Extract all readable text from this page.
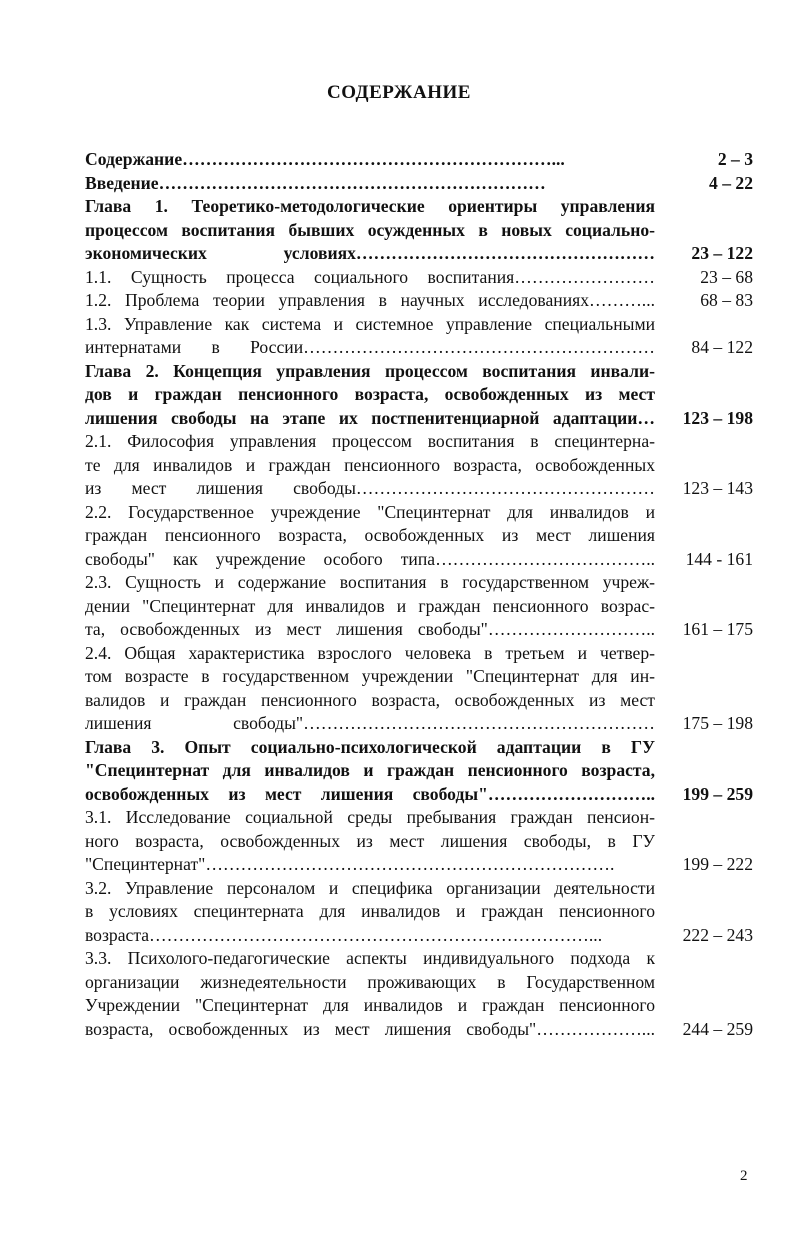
СОДЕРЖАНИЕ
Содержание………………………………………………………...	2 – 3
Введение…………………………………………………………	4 – 22
Глава 1. Теоретико-методологические ориентиры управления
процессом воспитания бывших осужденных в новых социально-
экономических условиях……………………………………………	23 – 122
1.1. Сущность процесса социального воспитания……………………	23 – 68
1.2. Проблема теории управления в научных исследованиях………...	68 – 83
1.3. Управление как система и системное управление специальными
интернатами в России……………………………………………………	84 – 122
Глава 2. Концепция управления процессом воспитания инвали-
дов и граждан пенсионного возраста, освобожденных из мест
лишения свободы на этапе их постпенитенциарной адаптации…	123 – 198
2.1. Философия управления процессом воспитания в специнтерна-
те для инвалидов и граждан пенсионного возраста, освобожденных
из мест лишения свободы……………………………………………	123 – 143
2.2. Государственное учреждение "Специнтернат для инвалидов и
граждан пенсионного возраста, освобожденных из мест лишения
свободы" как учреждение особого типа………………………………..	144 - 161
2.3. Сущность и содержание воспитания в государственном учреж-
дении "Специнтернат для инвалидов и граждан пенсионного возрас-
та, освобожденных из мест лишения свободы"………………………..	161 – 175
2.4. Общая характеристика взрослого человека в третьем и четвер-
том возрасте в государственном учреждении "Специнтернат для ин-
валидов и граждан пенсионного возраста, освобожденных из мест
лишения свободы"……………………………………………………	175 – 198
Глава 3. Опыт социально-психологической адаптации в ГУ
"Специнтернат для инвалидов и граждан пенсионного возраста,
освобожденных из мест лишения свободы"………………………..	199 – 259
3.1. Исследование социальной среды пребывания граждан пенсион-
ного возраста, освобожденных из мест лишения свободы, в ГУ
"Специнтернат"…………………………………………………………….	199 – 222
3.2. Управление персоналом и специфика организации деятельности
в условиях специнтерната для инвалидов и граждан пенсионного
возраста…………………………………………………………………...	222 – 243
3.3. Психолого-педагогические аспекты индивидуального подхода к
организации жизнедеятельности проживающих в Государственном
Учреждении "Специнтернат для инвалидов и граждан пенсионного
возраста, освобожденных из мест лишения свободы"………………...	244 – 259
2
